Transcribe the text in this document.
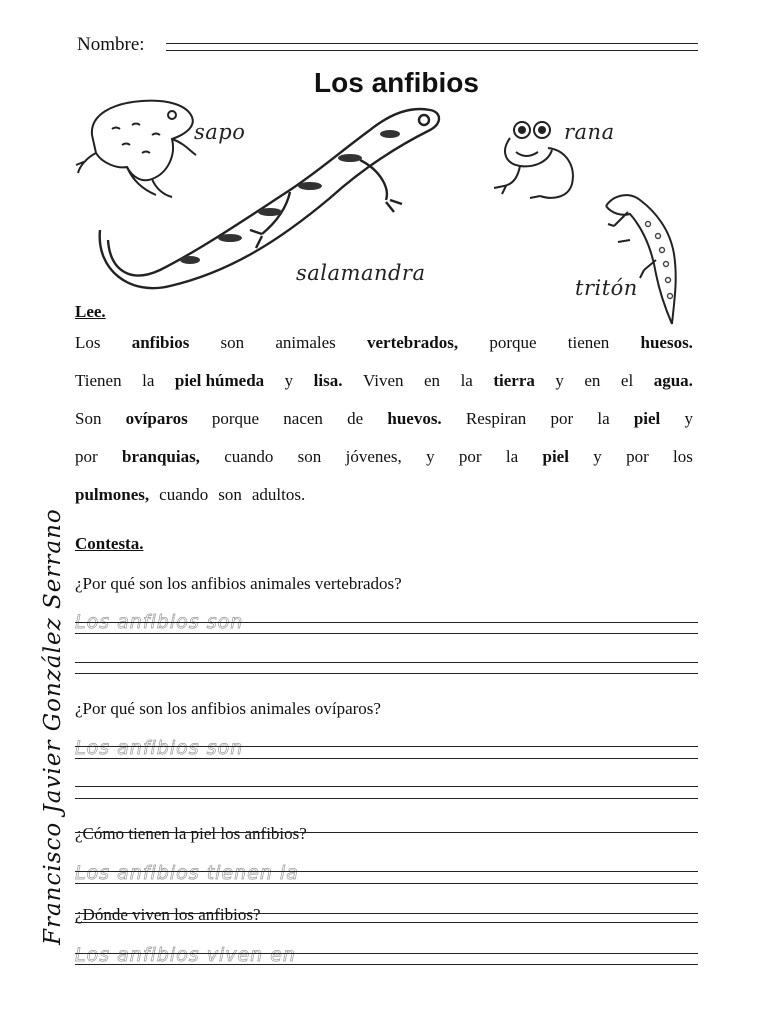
Nombre:
Los anfibios
sapo
salamandra
rana
tritón
Lee.
Los anfibios son animales vertebrados, porque tienen huesos.
Tienen la piel húmeda y lisa. Viven en la tierra y en el agua.
Son ovíparos porque nacen de huevos. Respiran por la piel y
por branquias, cuando son jóvenes, y por la piel y por los
pulmones, cuando son adultos.
Contesta.
¿Por qué son los anfibios animales vertebrados?
Los anfibios son
¿Por qué son los anfibios animales ovíparos?
Los anfibios son
¿Cómo tienen la piel los anfibios?
Los anfibios tienen la
¿Dónde viven los anfibios?
Los anfibios viven en
Francisco Javier González Serrano
